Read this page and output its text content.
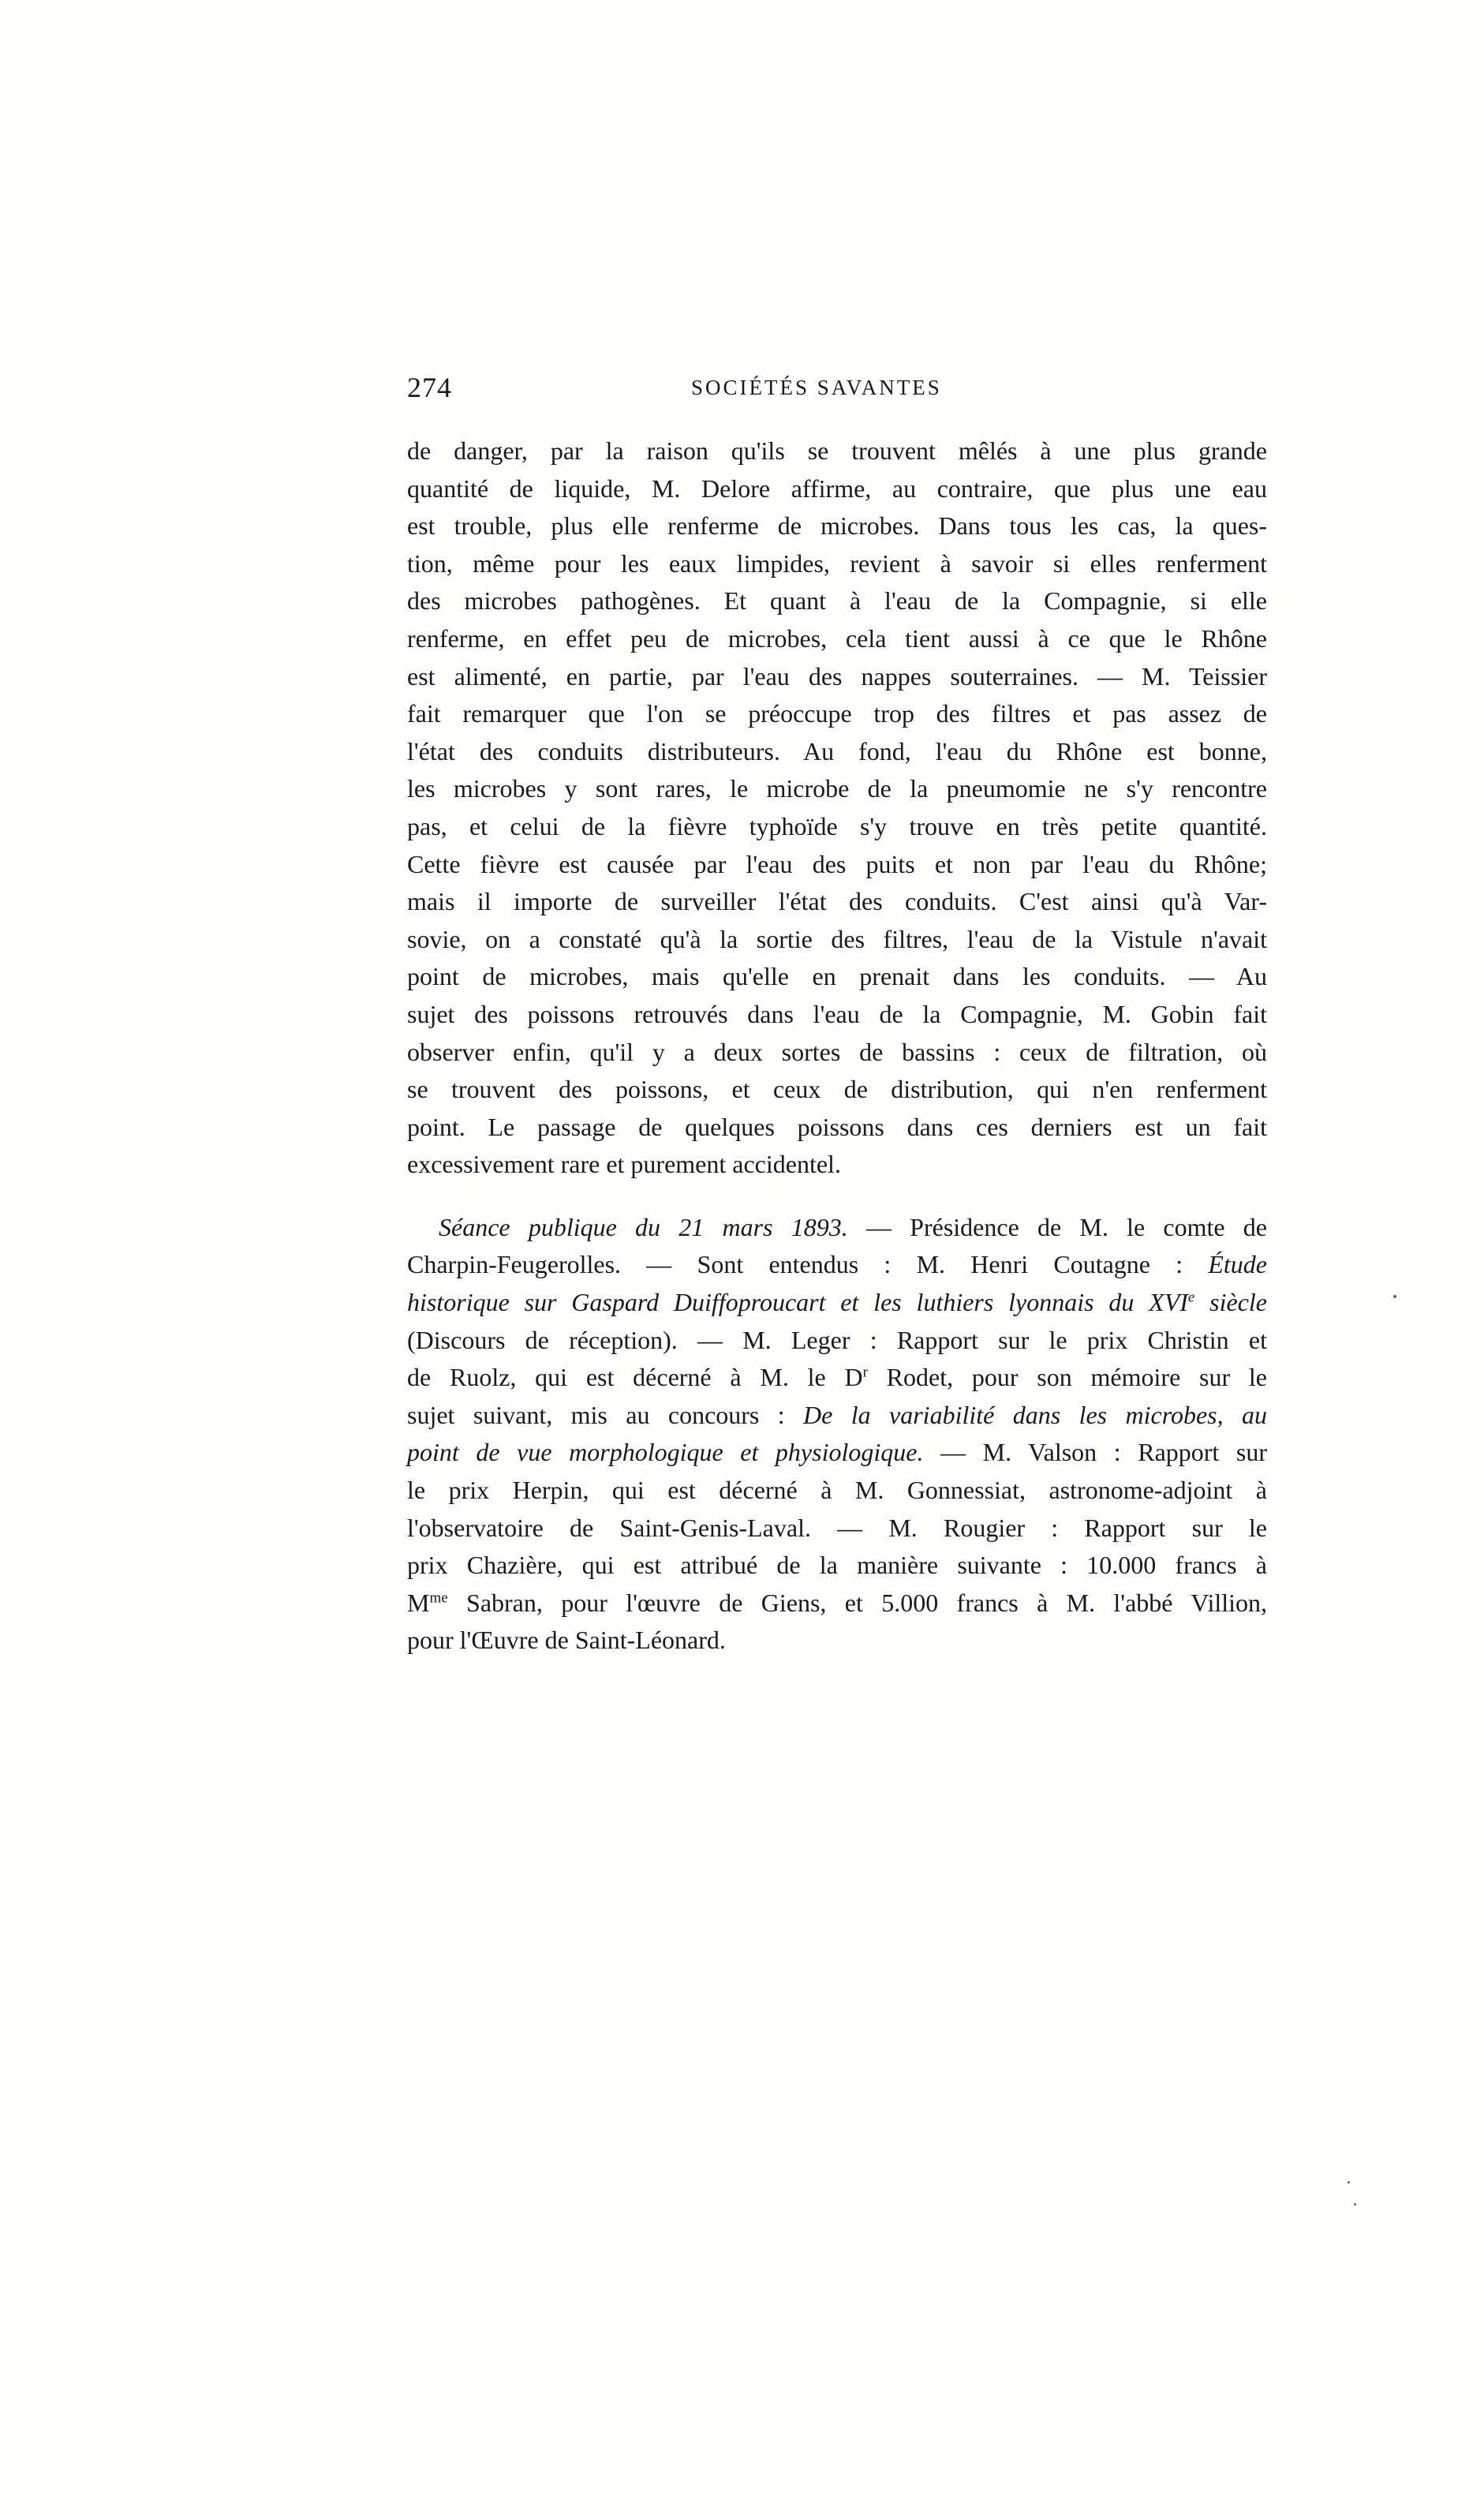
274	SOCIÉTÉS SAVANTES
de danger, par la raison qu'ils se trouvent mêlés à une plus grande
quantité de liquide, M. Delore affirme, au contraire, que plus une eau
est trouble, plus elle renferme de microbes. Dans tous les cas, la ques-
tion, même pour les eaux limpides, revient à savoir si elles renferment
des microbes pathogènes. Et quant à l'eau de la Compagnie, si elle
renferme, en effet peu de microbes, cela tient aussi à ce que le Rhône
est alimenté, en partie, par l'eau des nappes souterraines. — M. Teissier
fait remarquer que l'on se préoccupe trop des filtres et pas assez de
l'état des conduits distributeurs. Au fond, l'eau du Rhône est bonne,
les microbes y sont rares, le microbe de la pneumomie ne s'y rencontre
pas, et celui de la fièvre typhoïde s'y trouve en très petite quantité.
Cette fièvre est causée par l'eau des puits et non par l'eau du Rhône;
mais il importe de surveiller l'état des conduits. C'est ainsi qu'à Var-
sovie, on a constaté qu'à la sortie des filtres, l'eau de la Vistule n'avait
point de microbes, mais qu'elle en prenait dans les conduits. — Au
sujet des poissons retrouvés dans l'eau de la Compagnie, M. Gobin fait
observer enfin, qu'il y a deux sortes de bassins : ceux de filtration, où
se trouvent des poissons, et ceux de distribution, qui n'en renferment
point. Le passage de quelques poissons dans ces derniers est un fait
excessivement rare et purement accidentel.
Séance publique du 21 mars 1893. — Présidence de M. le comte de
Charpin-Feugerolles. — Sont entendus : M. Henri Coutagne : Étude
historique sur Gaspard Duiffoproucart et les luthiers lyonnais du XVIe siècle
(Discours de réception). — M. Leger : Rapport sur le prix Christin et
de Ruolz, qui est décerné à M. le $D^r$ Rodet, pour son mémoire sur le
sujet suivant, mis au concours : De la variabilité dans les microbes, au
point de vue morphologique et physiologique. — M. Valson : Rapport sur
le prix Herpin, qui est décerné à M. Gonnessiat, astronome-adjoint à
l'observatoire de Saint-Genis-Laval. — M. Rougier : Rapport sur le
prix Chazière, qui est attribué de la manière suivante : 10.000 francs à
$M^{me}$ Sabran, pour l'œuvre de Giens, et 5.000 francs à M. l'abbé Villion,
pour l'Œuvre de Saint-Léonard.
